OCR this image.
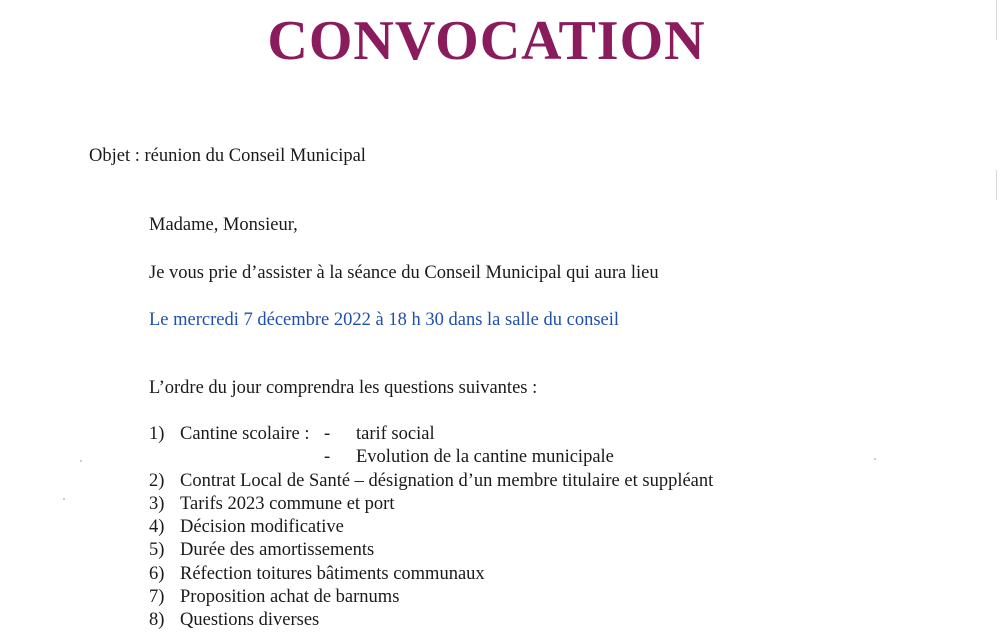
CONVOCATION
Objet : réunion du Conseil Municipal
Madame, Monsieur,
Je vous prie d’assister à la séance du Conseil Municipal qui aura lieu
Le mercredi 7 décembre 2022 à 18 h 30 dans la salle du conseil
L’ordre du jour comprendra les questions suivantes :
1) Cantine scolaire : - tarif social
- Evolution de la cantine municipale
2) Contrat Local de Santé – désignation d’un membre titulaire et suppléant
3) Tarifs 2023 commune et port
4) Décision modificative
5) Durée des amortissements
6) Réfection toitures bâtiments communaux
7) Proposition achat de barnums
8) Questions diverses
